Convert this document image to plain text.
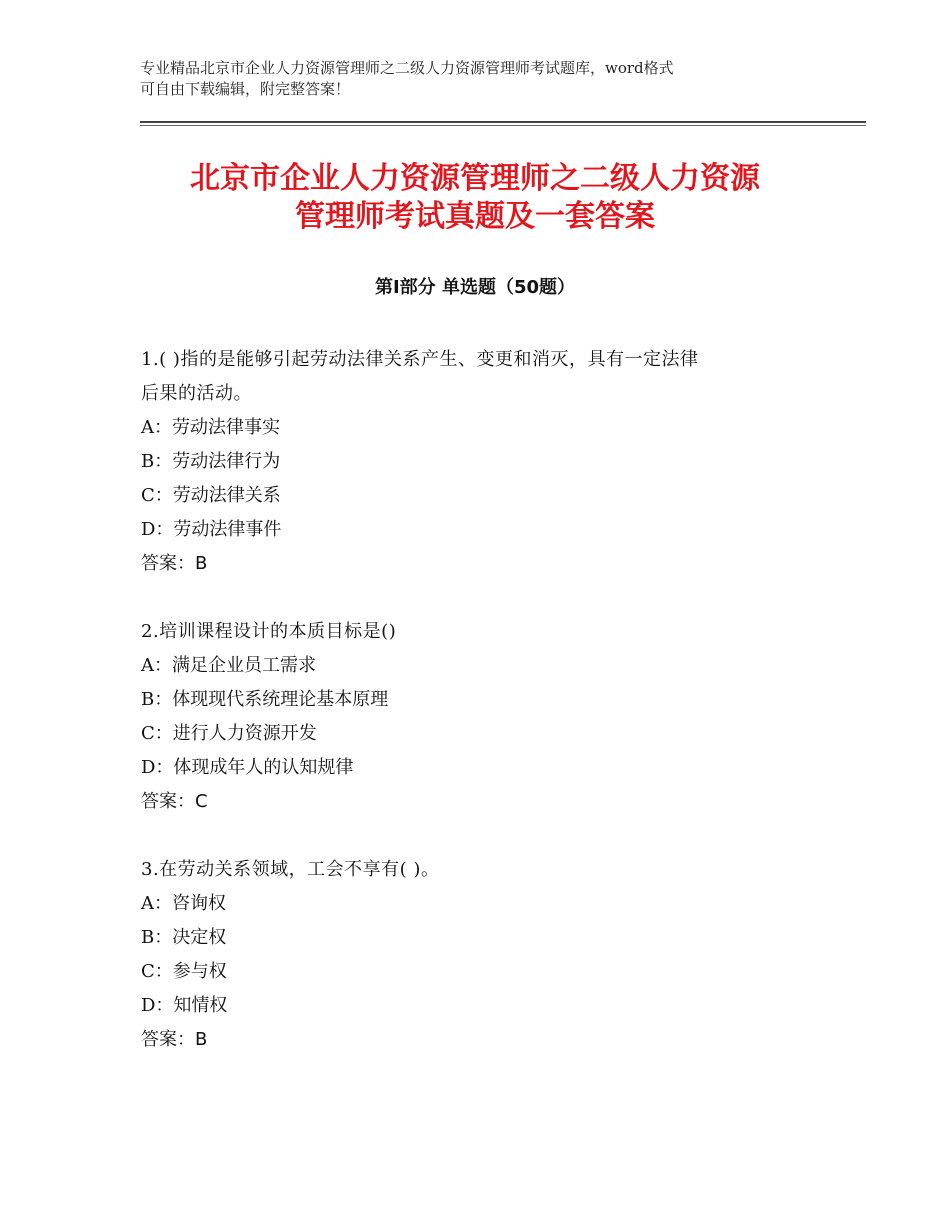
专业精品北京市企业人力资源管理师之二级人力资源管理师考试题库，word格式
可自由下载编辑，附完整答案！
北京市企业人力资源管理师之二级人力资源
管理师考试真题及一套答案
第Ⅰ部分 单选题（50题）
1.( )指的是能够引起劳动法律关系产生、变更和消灭，具有一定法律
后果的活动。
A：劳动法律事实
B：劳动法律行为
C：劳动法律关系
D：劳动法律事件
答案：B
2.培训课程设计的本质目标是()
A：满足企业员工需求
B：体现现代系统理论基本原理
C：进行人力资源开发
D：体现成年人的认知规律
答案：C
3.在劳动关系领域，工会不享有( )。
A：咨询权
B：决定权
C：参与权
D：知情权
答案：B
